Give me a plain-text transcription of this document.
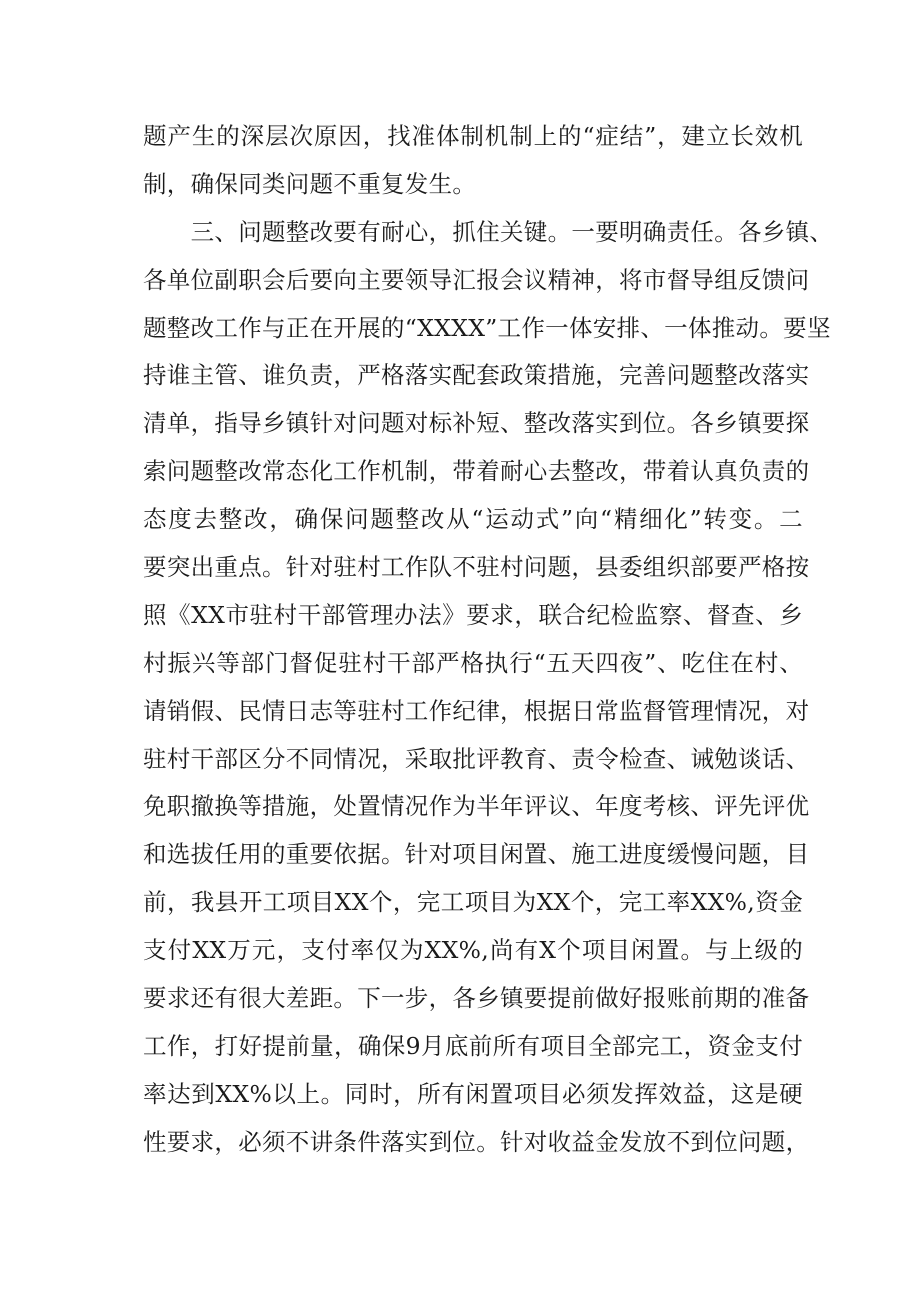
题产生的深层次原因，找准体制机制上的“症结”，建立长效机
制，确保同类问题不重复发生。
　　三、问题整改要有耐心，抓住关键。一要明确责任。各乡镇、
各单位副职会后要向主要领导汇报会议精神，将市督导组反馈问
题整改工作与正在开展的“XXXX”工作一体安排、一体推动。要坚
持谁主管、谁负责，严格落实配套政策措施，完善问题整改落实
清单，指导乡镇针对问题对标补短、整改落实到位。各乡镇要探
索问题整改常态化工作机制，带着耐心去整改，带着认真负责的
态度去整改，确保问题整改从“运动式”向“精细化”转变。二
要突出重点。针对驻村工作队不驻村问题，县委组织部要严格按
照《XX市驻村干部管理办法》要求，联合纪检监察、督查、乡
村振兴等部门督促驻村干部严格执行“五天四夜”、吃住在村、
请销假、民情日志等驻村工作纪律，根据日常监督管理情况，对
驻村干部区分不同情况，采取批评教育、责令检查、诫勉谈话、
免职撤换等措施，处置情况作为半年评议、年度考核、评先评优
和选拔任用的重要依据。针对项目闲置、施工进度缓慢问题，目
前，我县开工项目XX个，完工项目为XX个，完工率XX%,资金
支付XX万元，支付率仅为XX%,尚有X个项目闲置。与上级的
要求还有很大差距。下一步，各乡镇要提前做好报账前期的准备
工作，打好提前量，确保9月底前所有项目全部完工，资金支付
率达到XX%以上。同时，所有闲置项目必须发挥效益，这是硬
性要求，必须不讲条件落实到位。针对收益金发放不到位问题，
